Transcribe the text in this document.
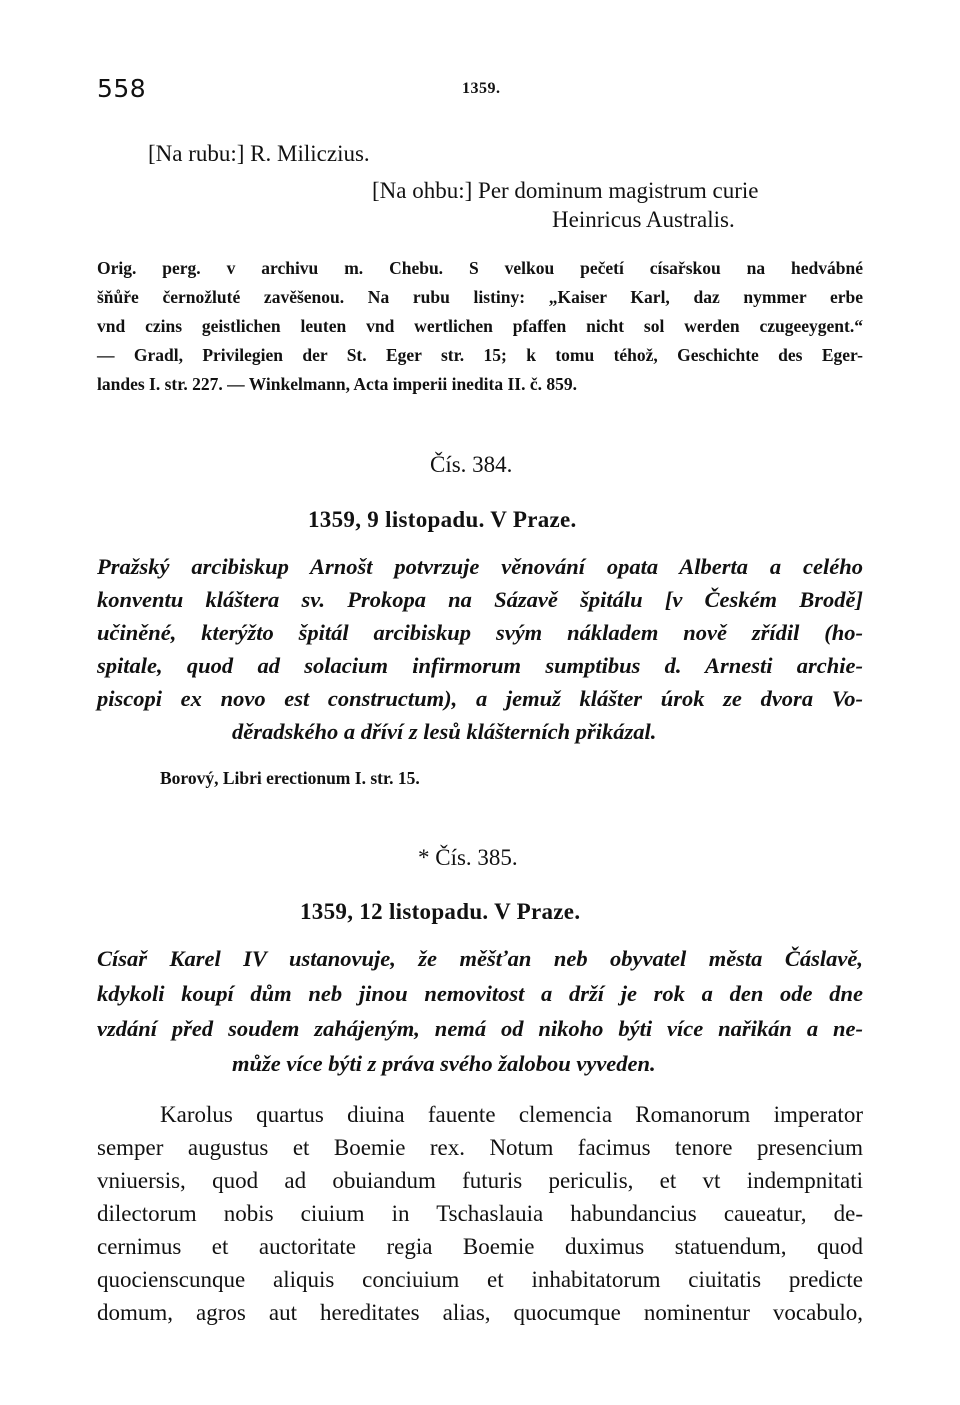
558	1359.
[Na rubu:] R. Miliczius.
[Na ohbu:] Per dominum magistrum curie
Heinricus Australis.
Orig. perg. v archivu m. Chebu. S velkou pečetí císařskou na hedvábné
šňůře černožluté zavěšenou. Na rubu listiny: „Kaiser Karl, daz nymmer erbe
vnd czins geistlichen leuten vnd wertlichen pfaffen nicht sol werden czugeeygent.“
— Gradl, Privilegien der St. Eger str. 15; k tomu téhož, Geschichte des Eger-
landes I. str. 227. — Winkelmann, Acta imperii inedita II. č. 859.
Čís. 384.
1359, 9 listopadu. V Praze.
Pražský arcibiskup Arnošt potvrzuje věnování opata Alberta a celého
konventu kláštera sv. Prokopa na Sázavě špitálu [v Českém Brodě]
učiněné, kterýžto špitál arcibiskup svým nákladem nově zřídil (ho-
spitale, quod ad solacium infirmorum sumptibus d. Arnesti archie-
piscopi ex novo est constructum), a jemuž klášter úrok ze dvora Vo-
děradského a dříví z lesů klášterních přikázal.
Borový, Libri erectionum I. str. 15.
* Čís. 385.
1359, 12 listopadu. V Praze.
Císař Karel IV ustanovuje, že měšťan neb obyvatel města Čáslavě,
kdykoli koupí dům neb jinou nemovitost a drží je rok a den ode dne
vzdání před soudem zahájeným, nemá od nikoho býti více nařikán a ne-
může více býti z práva svého žalobou vyveden.
Karolus quartus diuina fauente clemencia Romanorum imperator
semper augustus et Boemie rex. Notum facimus tenore presencium
vniuersis, quod ad obuiandum futuris periculis, et vt indempnitati
dilectorum nobis ciuium in Tschaslauia habundancius caueatur, de-
cernimus et auctoritate regia Boemie duximus statuendum, quod
quocienscunque aliquis conciuium et inhabitatorum ciuitatis predicte
domum, agros aut hereditates alias, quocumque nominentur vocabulo,
